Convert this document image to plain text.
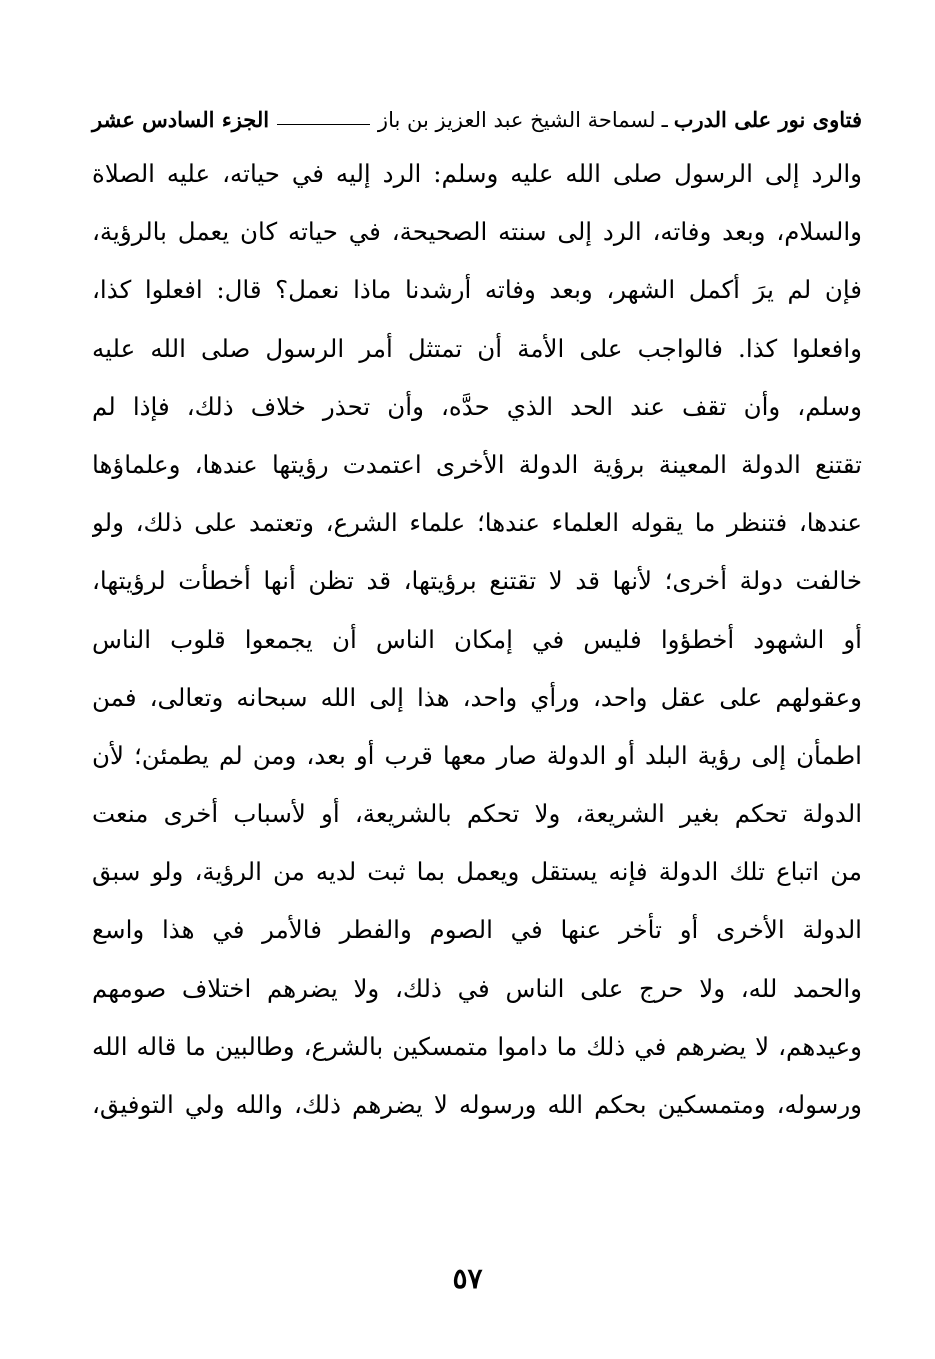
فتاوى نور على الدرب
ـ
لسماحة الشيخ عبد العزيز بن باز
الجزء السادس عشر
والرد إلى الرسول صلى الله عليه وسلم: الرد إليه في حياته، عليه الصلاة
والسلام، وبعد وفاته، الرد إلى سنته الصحيحة، في حياته كان يعمل بالرؤية،
فإن لم يرَ أكمل الشهر، وبعد وفاته أرشدنا ماذا نعمل؟ قال: افعلوا كذا،
وافعلوا كذا. فالواجب على الأمة أن تمتثل أمر الرسول صلى الله عليه
وسلم، وأن تقف عند الحد الذي حدَّه، وأن تحذر خلاف ذلك، فإذا لم
تقتنع الدولة المعينة برؤية الدولة الأخرى اعتمدت رؤيتها عندها، وعلماؤها
عندها، فتنظر ما يقوله العلماء عندها؛ علماء الشرع، وتعتمد على ذلك، ولو
خالفت دولة أخرى؛ لأنها قد لا تقتنع برؤيتها، قد تظن أنها أخطأت لرؤيتها،
أو الشهود أخطؤوا فليس في إمكان الناس أن يجمعوا قلوب الناس
وعقولهم على عقل واحد، ورأي واحد، هذا إلى الله سبحانه وتعالى، فمن
اطمأن إلى رؤية البلد أو الدولة صار معها قرب أو بعد، ومن لم يطمئن؛ لأن
الدولة تحكم بغير الشريعة، ولا تحكم بالشريعة، أو لأسباب أخرى منعت
من اتباع تلك الدولة فإنه يستقل ويعمل بما ثبت لديه من الرؤية، ولو سبق
الدولة الأخرى أو تأخر عنها في الصوم والفطر فالأمر في هذا واسع
والحمد لله، ولا حرج على الناس في ذلك، ولا يضرهم اختلاف صومهم
وعيدهم، لا يضرهم في ذلك ما داموا متمسكين بالشرع، وطالبين ما قاله الله
ورسوله، ومتمسكين بحكم الله ورسوله لا يضرهم ذلك، والله ولي التوفيق،
٥٧
